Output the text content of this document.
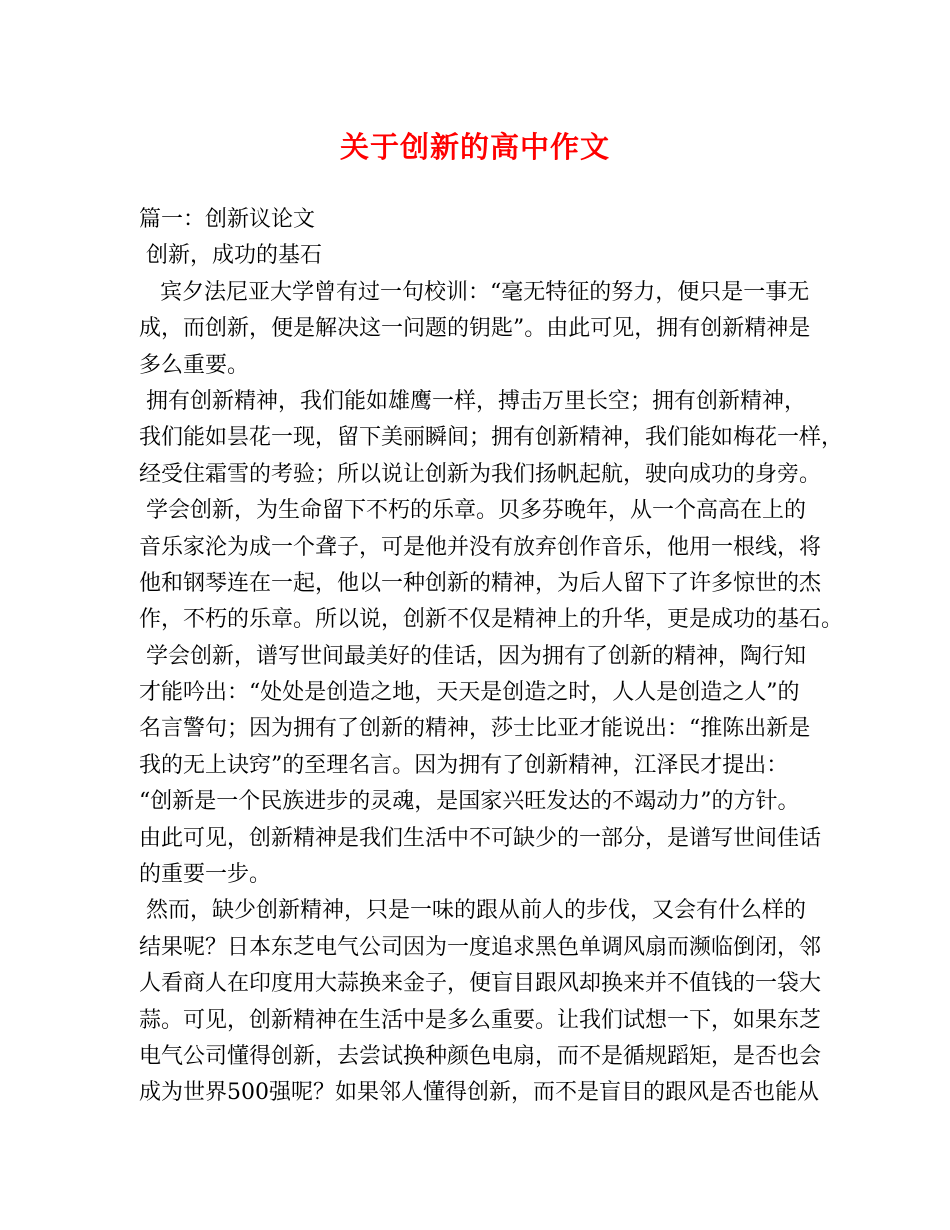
关于创新的高中作文
篇一：创新议论文
创新，成功的基石
宾夕法尼亚大学曾有过一句校训：“毫无特征的努力，便只是一事无
成，而创新，便是解决这一问题的钥匙”。由此可见，拥有创新精神是
多么重要。
拥有创新精神，我们能如雄鹰一样，搏击万里长空；拥有创新精神，
我们能如昙花一现，留下美丽瞬间；拥有创新精神，我们能如梅花一样，
经受住霜雪的考验；所以说让创新为我们扬帆起航，驶向成功的身旁。
学会创新，为生命留下不朽的乐章。贝多芬晚年，从一个高高在上的
音乐家沦为成一个聋子，可是他并没有放弃创作音乐，他用一根线，将
他和钢琴连在一起，他以一种创新的精神，为后人留下了许多惊世的杰
作，不朽的乐章。所以说，创新不仅是精神上的升华，更是成功的基石。
学会创新，谱写世间最美好的佳话，因为拥有了创新的精神，陶行知
才能吟出：“处处是创造之地，天天是创造之时，人人是创造之人”的
名言警句；因为拥有了创新的精神，莎士比亚才能说出：“推陈出新是
我的无上诀窍”的至理名言。因为拥有了创新精神，江泽民才提出：
“创新是一个民族进步的灵魂，是国家兴旺发达的不竭动力”的方针。
由此可见，创新精神是我们生活中不可缺少的一部分，是谱写世间佳话
的重要一步。
然而，缺少创新精神，只是一味的跟从前人的步伐，又会有什么样的
结果呢？日本东芝电气公司因为一度追求黑色单调风扇而濒临倒闭，邻
人看商人在印度用大蒜换来金子，便盲目跟风却换来并不值钱的一袋大
蒜。可见，创新精神在生活中是多么重要。让我们试想一下，如果东芝
电气公司懂得创新，去尝试换种颜色电扇，而不是循规蹈矩，是否也会
成为世界500强呢？如果邻人懂得创新，而不是盲目的跟风是否也能从
